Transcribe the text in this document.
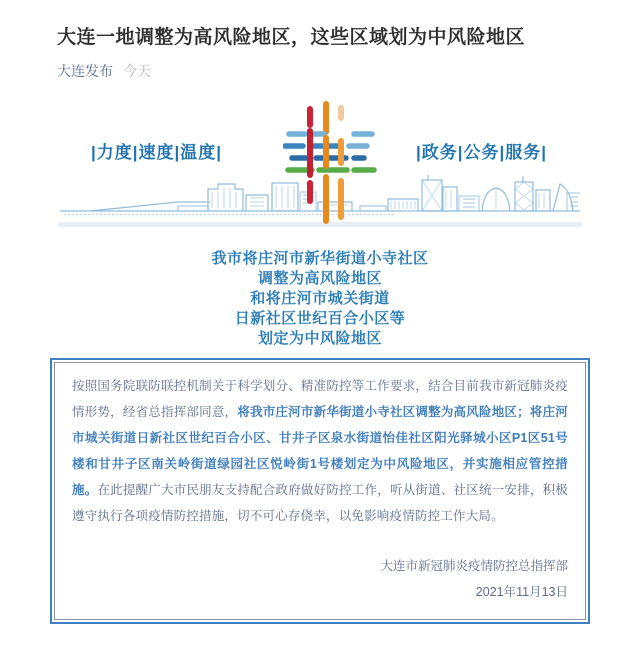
大连一地调整为高风险地区，这些区域划为中风险地区
大连发布 今天
|力度|速度|温度|	|政务|公务|服务|
我市将庄河市新华街道小寺社区
调整为高风险地区
和将庄河市城关街道
日新社区世纪百合小区等
划定为中风险地区

按照国务院联防联控机制关于科学划分、精准防控等工作要求，结合目前我市新冠肺炎疫情形势，经省总指挥部同意，将我市庄河市新华街道小寺社区调整为高风险地区；将庄河市城关街道日新社区世纪百合小区、甘井子区泉水街道怡佳社区阳光驿城小区P1区51号楼和甘井子区南关岭街道绿园社区悦岭街1号楼划定为中风险地区，并实施相应管控措施。在此提醒广大市民朋友支持配合政府做好防控工作，听从街道、社区统一安排，积极遵守执行各项疫情防控措施，切不可心存侥幸，以免影响疫情防控工作大局。

大连市新冠肺炎疫情防控总指挥部
2021年11月13日
